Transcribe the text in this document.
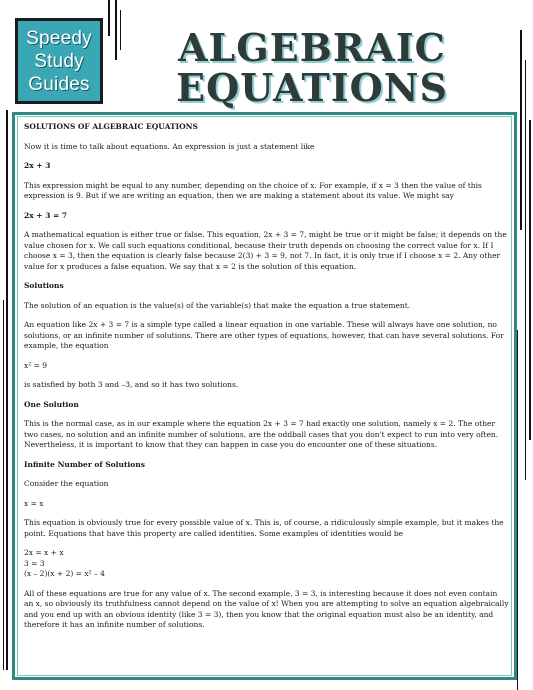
Speedy
Study
Guides
ALGEBRAIC
EQUATIONS

SOLUTIONS OF ALGEBRAIC EQUATIONS

Now it is time to talk about equations. An expression is just a statement like

2x + 3

This expression might be equal to any number, depending on the choice of x. For example, if x = 3 then the value of this expression is 9. But if we are writing an equation, then we are making a statement about its value. We might say

2x + 3 = 7

A mathematical equation is either true or false. This equation, 2x + 3 = 7, might be true or it might be false; it depends on the value chosen for x. We call such equations conditional, because their truth depends on choosing the correct value for x. If I choose x = 3, then the equation is clearly false because 2(3) + 3 = 9, not 7. In fact, it is only true if I choose x = 2. Any other value for x produces a false equation. We say that x = 2 is the solution of this equation.

Solutions

The solution of an equation is the value(s) of the variable(s) that make the equation a true statement.

An equation like 2x + 3 = 7 is a simple type called a linear equation in one variable. These will always have one solution, no solutions, or an infinite number of solutions. There are other types of equations, however, that can have several solutions. For example, the equation

x² = 9

is satisfied by both 3 and –3, and so it has two solutions.

One Solution

This is the normal case, as in our example where the equation 2x + 3 = 7 had exactly one solution, namely x = 2. The other two cases, no solution and an infinite number of solutions, are the oddball cases that you don't expect to run into very often. Nevertheless, it is important to know that they can happen in case you do encounter one of these situations.

Infinite Number of Solutions

Consider the equation

x = x

This equation is obviously true for every possible value of x. This is, of course, a ridiculously simple example, but it makes the point. Equations that have this property are called identities. Some examples of identities would be

2x = x + x

3 = 3

(x – 2)(x + 2) = x² – 4

All of these equations are true for any value of x. The second example, 3 = 3, is interesting because it does not even contain an x, so obviously its truthfulness cannot depend on the value of x! When you are attempting to solve an equation algebraically and you end up with an obvious identity (like 3 = 3), then you know that the original equation must also be an identity, and therefore it has an infinite number of solutions.
